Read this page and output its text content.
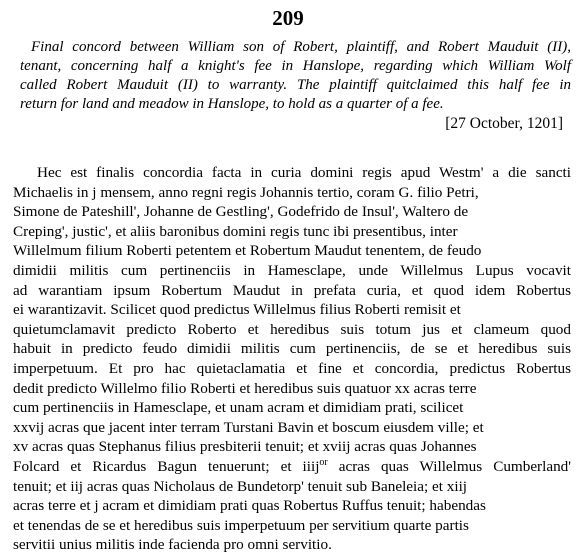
209
Final concord between William son of Robert, plaintiff, and Robert Mauduit (II),
tenant, concerning half a knight's fee in Hanslope, regarding which William Wolf
called Robert Mauduit (II) to warranty. The plaintiff quitclaimed this half fee in
return for land and meadow in Hanslope, to hold as a quarter of a fee.
[27 October, 1201]
Hec est finalis concordia facta in curia domini regis apud Westm' a die sancti
Michaelis in j mensem, anno regni regis Johannis tertio, coram G. filio Petri,
Simone de Pateshill', Johanne de Gestling', Godefrido de Insul', Waltero de
Creping', justic', et aliis baronibus domini regis tunc ibi presentibus, inter
Willelmum filium Roberti petentem et Robertum Maudut tenentem, de feudo
dimidii militis cum pertinenciis in Hamesclape, unde Willelmus Lupus vocavit
ad warantiam ipsum Robertum Maudut in prefata curia, et quod idem Robertus
ei warantizavit. Scilicet quod predictus Willelmus filius Roberti remisit et
quietumclamavit predicto Roberto et heredibus suis totum jus et clameum quod
habuit in predicto feudo dimidii militis cum pertinenciis, de se et heredibus suis
imperpetuum. Et pro hac quietaclamatia et fine et concordia, predictus Robertus
dedit predicto Willelmo filio Roberti et heredibus suis quatuor xx acras terre
cum pertinenciis in Hamesclape, et unam acram et dimidiam prati, scilicet
xxvij acras que jacent inter terram Turstani Bavin et boscum eiusdem ville; et
xv acras quas Stephanus filius presbiterii tenuit; et xviij acras quas Johannes
Folcard et Ricardus Bagun tenuerunt; et iiij$^{or}$ acras quas Willelmus Cumberland'
tenuit; et iij acras quas Nicholaus de Bundetorp' tenuit sub Baneleia; et xiij
acras terre et j acram et dimidiam prati quas Robertus Ruffus tenuit; habendas
et tenendas de se et heredibus suis imperpetuum per servitium quarte partis
servitii unius militis inde facienda pro omni servitio.
